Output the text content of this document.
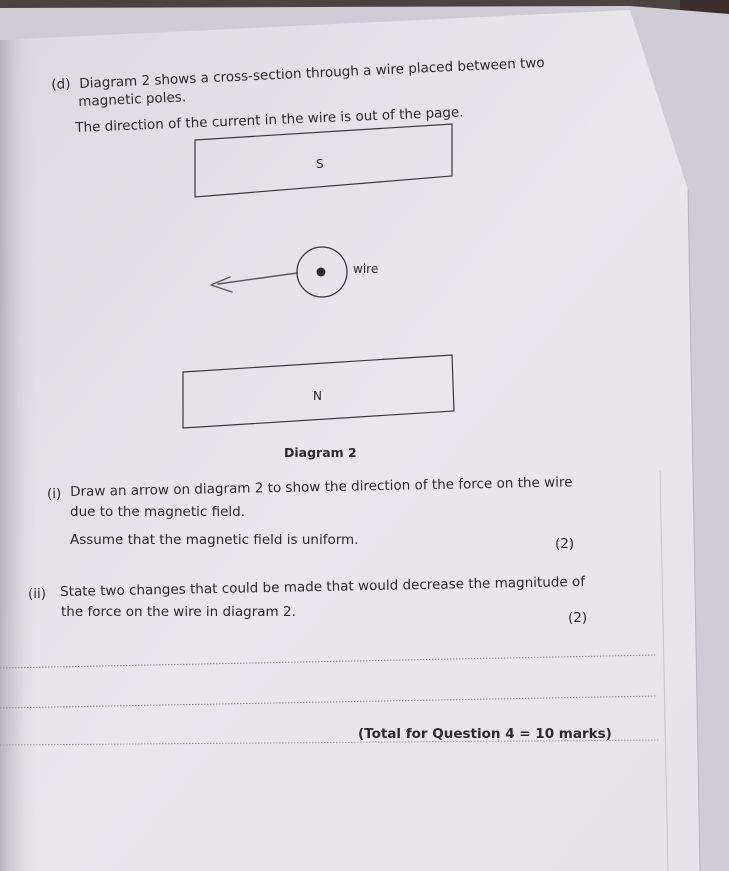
(d) Diagram 2 shows a cross-section through a wire placed between two
magnetic poles.
The direction of the current in the wire is out of the page.
S
wire
N
Diagram 2
(i) Draw an arrow on diagram 2 to show the direction of the force on the wire
due to the magnetic field.
Assume that the magnetic field is uniform.	(2)
(ii) State two changes that could be made that would decrease the magnitude of
the force on the wire in diagram 2.	(2)
(Total for Question 4 = 10 marks)
